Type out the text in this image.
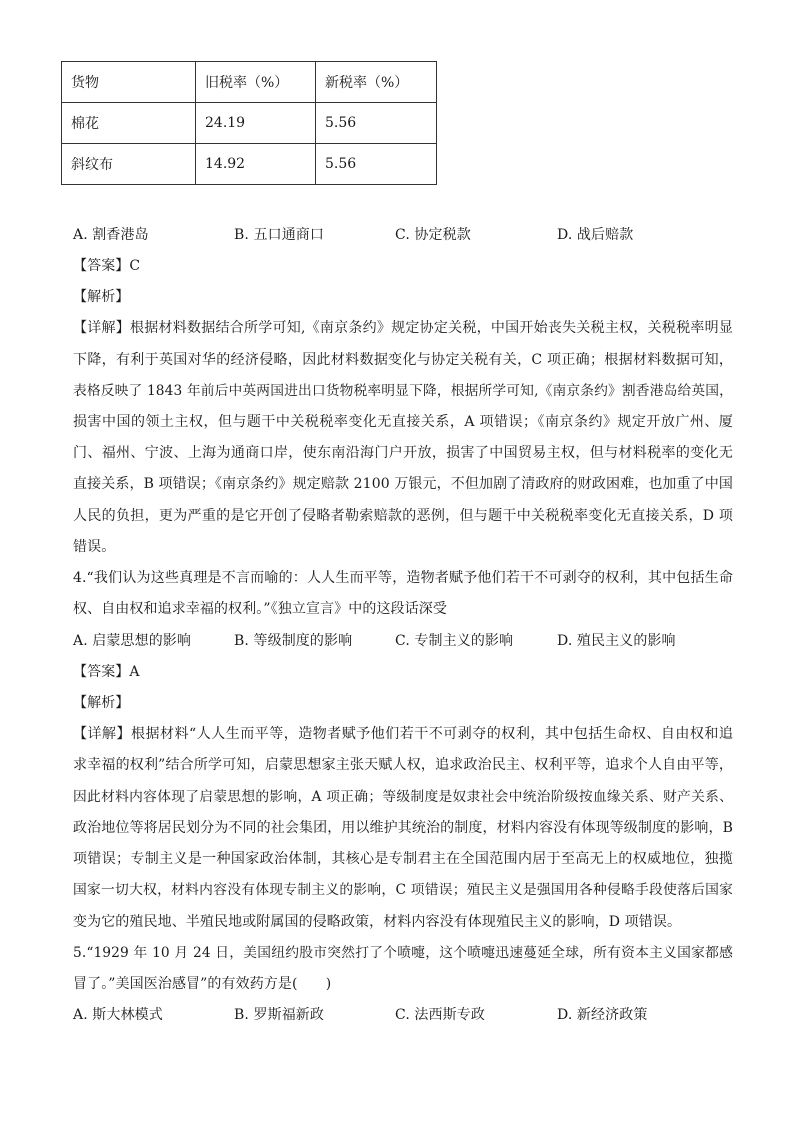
货物	旧税率（%）	新税率（%）
棉花	24.19	5.56
斜纹布	14.92	5.56
A. 割香港岛	B. 五口通商口	C. 协定税款	D. 战后赔款
【答案】C
【解析】
【详解】根据材料数据结合所学可知,《南京条约》规定协定关税，中国开始丧失关税主权，关税税率明显
下降，有利于英国对华的经济侵略，因此材料数据变化与协定关税有关，C 项正确；根据材料数据可知，
表格反映了 1843 年前后中英两国进出口货物税率明显下降，根据所学可知,《南京条约》割香港岛给英国，
损害中国的领土主权，但与题干中关税税率变化无直接关系，A 项错误；《南京条约》规定开放广州、厦
门、福州、宁波、上海为通商口岸，使东南沿海门户开放，损害了中国贸易主权，但与材料税率的变化无
直接关系，B 项错误；《南京条约》规定赔款 2100 万银元，不但加剧了清政府的财政困难，也加重了中国
人民的负担，更为严重的是它开创了侵略者勒索赔款的恶例，但与题干中关税税率变化无直接关系，D 项
错误。
4.“我们认为这些真理是不言而喻的：人人生而平等，造物者赋予他们若干不可剥夺的权利，其中包括生命
权、自由权和追求幸福的权利。”《独立宣言》中的这段话深受
A. 启蒙思想的影响	B. 等级制度的影响	C. 专制主义的影响	D. 殖民主义的影响
【答案】A
【解析】
【详解】根据材料“人人生而平等，造物者赋予他们若干不可剥夺的权利，其中包括生命权、自由权和追
求幸福的权利”结合所学可知，启蒙思想家主张天赋人权，追求政治民主、权利平等，追求个人自由平等，
因此材料内容体现了启蒙思想的影响，A 项正确；等级制度是奴隶社会中统治阶级按血缘关系、财产关系、
政治地位等将居民划分为不同的社会集团，用以维护其统治的制度，材料内容没有体现等级制度的影响，B
项错误；专制主义是一种国家政治体制，其核心是专制君主在全国范围内居于至高无上的权威地位，独揽
国家一切大权，材料内容没有体现专制主义的影响，C 项错误；殖民主义是强国用各种侵略手段使落后国家
变为它的殖民地、半殖民地或附属国的侵略政策，材料内容没有体现殖民主义的影响，D 项错误。
5.“1929 年 10 月 24 日，美国纽约股市突然打了个喷嚏，这个喷嚏迅速蔓延全球，所有资本主义国家都感
冒了。”美国医治感冒”的有效药方是(　　)
A. 斯大林模式	B. 罗斯福新政	C. 法西斯专政	D. 新经济政策
